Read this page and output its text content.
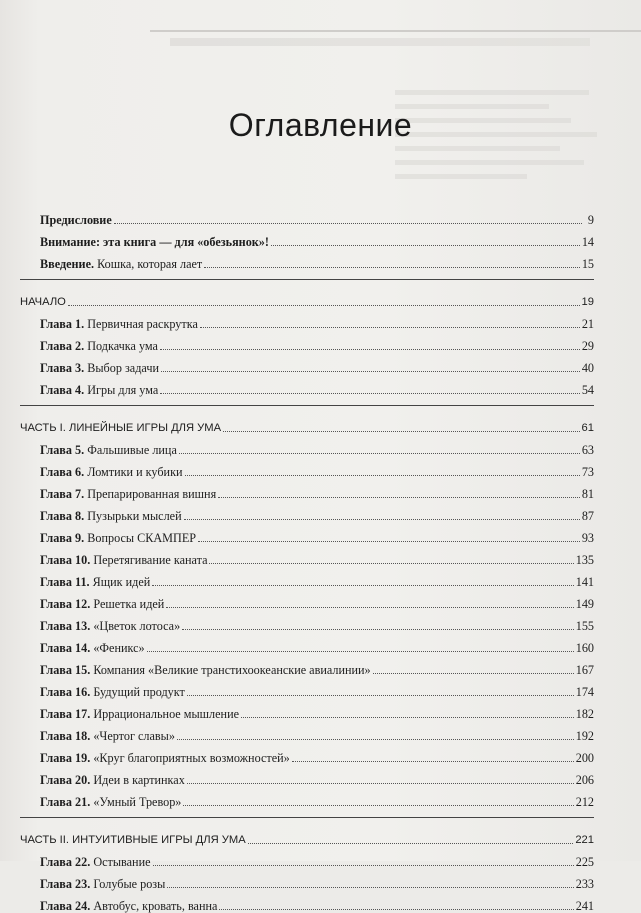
Оглавление
Предисловие	9
Внимание: эта книга — для «обезьянок»!	14
Введение. Кошка, которая лает	15
НАЧАЛО	19
Глава 1. Первичная раскрутка	21
Глава 2. Подкачка ума	29
Глава 3. Выбор задачи	40
Глава 4. Игры для ума	54
ЧАСТЬ I. ЛИНЕЙНЫЕ ИГРЫ ДЛЯ УМА	61
Глава 5. Фальшивые лица	63
Глава 6. Ломтики и кубики	73
Глава 7. Препарированная вишня	81
Глава 8. Пузырьки мыслей	87
Глава 9. Вопросы СКАМПЕР	93
Глава 10. Перетягивание каната	135
Глава 11. Ящик идей	141
Глава 12. Решетка идей	149
Глава 13. «Цветок лотоса»	155
Глава 14. «Феникс»	160
Глава 15. Компания «Великие транстихоокеанские авиалинии»	167
Глава 16. Будущий продукт	174
Глава 17. Иррациональное мышление	182
Глава 18. «Чертог славы»	192
Глава 19. «Круг благоприятных возможностей»	200
Глава 20. Идеи в картинках	206
Глава 21. «Умный Тревор»	212
ЧАСТЬ II. ИНТУИТИВНЫЕ ИГРЫ ДЛЯ УМА	221
Глава 22. Остывание	225
Глава 23. Голубые розы	233
Глава 24. Автобус, кровать, ванна	241
